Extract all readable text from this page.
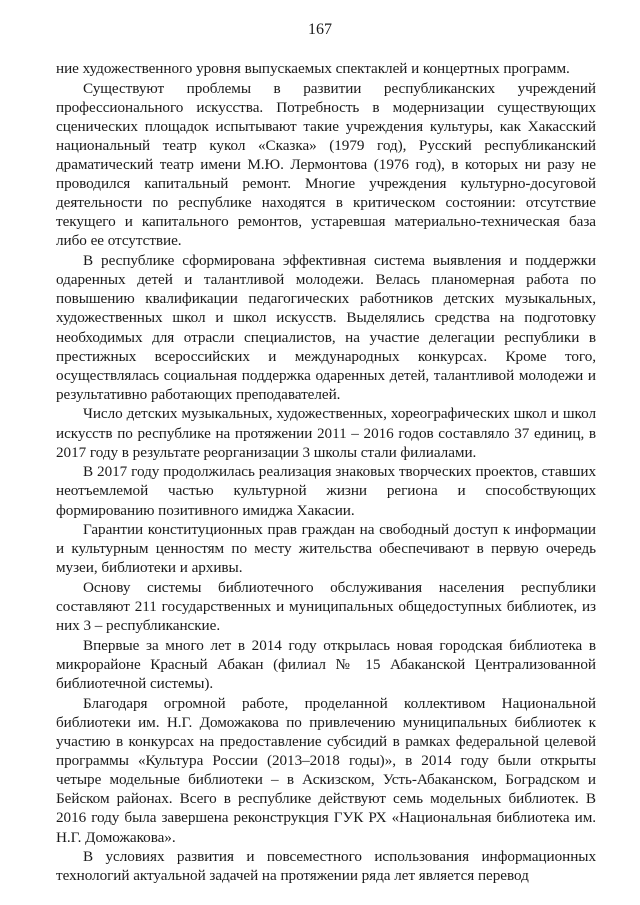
167

ние художественного уровня выпускаемых спектаклей и концертных программ.

Существуют проблемы в развитии республиканских учреждений профессионального искусства. Потребность в модернизации существующих сценических площадок испытывают такие учреждения культуры, как Хакасский национальный театр кукол «Сказка» (1979 год), Русский республиканский драматический театр имени М.Ю. Лермонтова (1976 год), в которых ни разу не проводился капитальный ремонт. Многие учреждения культурно-досуговой деятельности по республике находятся в критическом состоянии: отсутствие текущего и капитального ремонтов, устаревшая материально-техническая база либо ее отсутствие.

В республике сформирована эффективная система выявления и поддержки одаренных детей и талантливой молодежи. Велась планомерная работа по повышению квалификации педагогических работников детских музыкальных, художественных школ и школ искусств. Выделялись средства на подготовку необходимых для отрасли специалистов, на участие делегации республики в престижных всероссийских и международных конкурсах. Кроме того, осуществлялась социальная поддержка одаренных детей, талантливой молодежи и результативно работающих преподавателей.

Число детских музыкальных, художественных, хореографических школ и школ искусств по республике на протяжении 2011 – 2016 годов составляло 37 единиц, в 2017 году в результате реорганизации 3 школы стали филиалами.

В 2017 году продолжилась реализация знаковых творческих проектов, ставших неотъемлемой частью культурной жизни региона и способствующих формированию позитивного имиджа Хакасии.

Гарантии конституционных прав граждан на свободный доступ к информации и культурным ценностям по месту жительства обеспечивают в первую очередь музеи, библиотеки и архивы.

Основу системы библиотечного обслуживания населения республики составляют 211 государственных и муниципальных общедоступных библиотек, из них 3 – республиканские.

Впервые за много лет в 2014 году открылась новая городская библиотека в микрорайоне Красный Абакан (филиал № 15 Абаканской Централизованной библиотечной системы).

Благодаря огромной работе, проделанной коллективом Национальной библиотеки им. Н.Г. Доможакова по привлечению муниципальных библиотек к участию в конкурсах на предоставление субсидий в рамках федеральной целевой программы «Культура России (2013–2018 годы)», в 2014 году были открыты четыре модельные библиотеки – в Аскизском, Усть-Абаканском, Боградском и Бейском районах. Всего в республике действуют семь модельных библиотек. В 2016 году была завершена реконструкция ГУК РХ «Национальная библиотека им. Н.Г. Доможакова».

В условиях развития и повсеместного использования информационных технологий актуальной задачей на протяжении ряда лет является перевод
